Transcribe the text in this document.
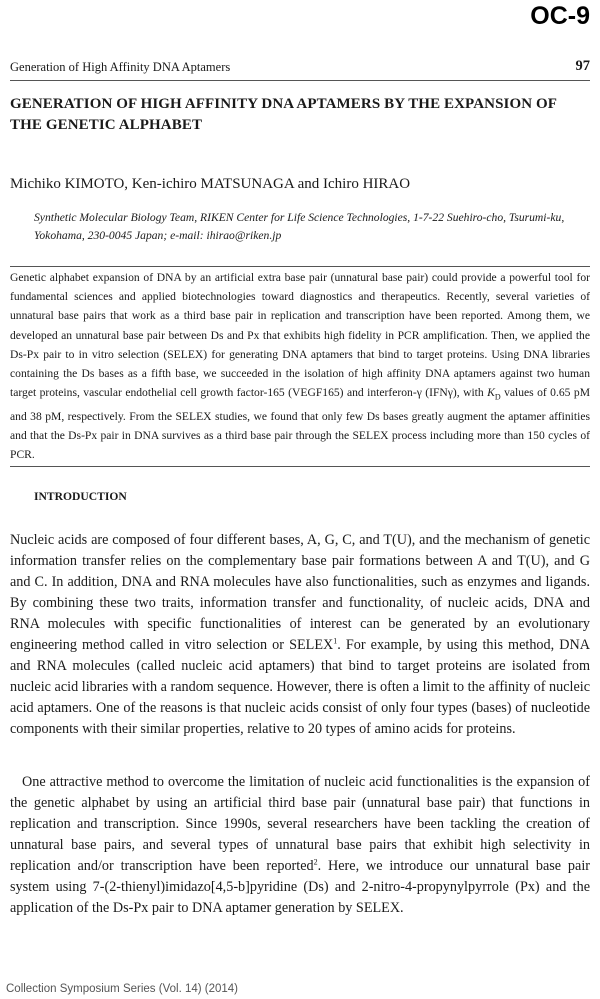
OC-9
Generation of High Affinity DNA Aptamers	97
GENERATION OF HIGH AFFINITY DNA APTAMERS BY THE EXPANSION OF THE GENETIC ALPHABET
Michiko KIMOTO, Ken-ichiro MATSUNAGA and Ichiro HIRAO
Synthetic Molecular Biology Team, RIKEN Center for Life Science Technologies, 1-7-22 Suehiro-cho, Tsurumi-ku, Yokohama, 230-0045 Japan; e-mail: ihirao@riken.jp
Genetic alphabet expansion of DNA by an artificial extra base pair (unnatural base pair) could provide a powerful tool for fundamental sciences and applied biotechnologies toward diagnostics and therapeutics. Recently, several varieties of unnatural base pairs that work as a third base pair in replication and transcription have been reported. Among them, we developed an unnatural base pair between Ds and Px that exhibits high fidelity in PCR amplification. Then, we applied the Ds-Px pair to in vitro selection (SELEX) for generating DNA aptamers that bind to target proteins. Using DNA libraries containing the Ds bases as a fifth base, we succeeded in the isolation of high affinity DNA aptamers against two human target proteins, vascular endothelial cell growth factor-165 (VEGF165) and interferon-γ (IFNγ), with $K_D$ values of 0.65 pM and 38 pM, respectively. From the SELEX studies, we found that only few Ds bases greatly augment the aptamer affinities and that the Ds-Px pair in DNA survives as a third base pair through the SELEX process including more than 150 cycles of PCR.
INTRODUCTION
Nucleic acids are composed of four different bases, A, G, C, and T(U), and the mechanism of genetic information transfer relies on the complementary base pair formations between A and T(U), and G and C. In addition, DNA and RNA molecules have also functionalities, such as enzymes and ligands. By combining these two traits, information transfer and functionality, of nucleic acids, DNA and RNA molecules with specific functionalities of interest can be generated by an evolutionary engineering method called in vitro selection or SELEX$^1$. For example, by using this method, DNA and RNA molecules (called nucleic acid aptamers) that bind to target proteins are isolated from nucleic acid libraries with a random sequence. However, there is often a limit to the affinity of nucleic acid aptamers. One of the reasons is that nucleic acids consist of only four types (bases) of nucleotide components with their similar properties, relative to 20 types of amino acids for proteins.
One attractive method to overcome the limitation of nucleic acid functionalities is the expansion of the genetic alphabet by using an artificial third base pair (unnatural base pair) that functions in replication and transcription. Since 1990s, several researchers have been tackling the creation of unnatural base pairs, and several types of unnatural base pairs that exhibit high selectivity in replication and/or transcription have been reported$^2$. Here, we introduce our unnatural base pair system using 7-(2-thienyl)imidazo[4,5-b]pyridine (Ds) and 2-nitro-4-propynylpyrrole (Px) and the application of the Ds-Px pair to DNA aptamer generation by SELEX.
Collection Symposium Series (Vol. 14) (2014)
